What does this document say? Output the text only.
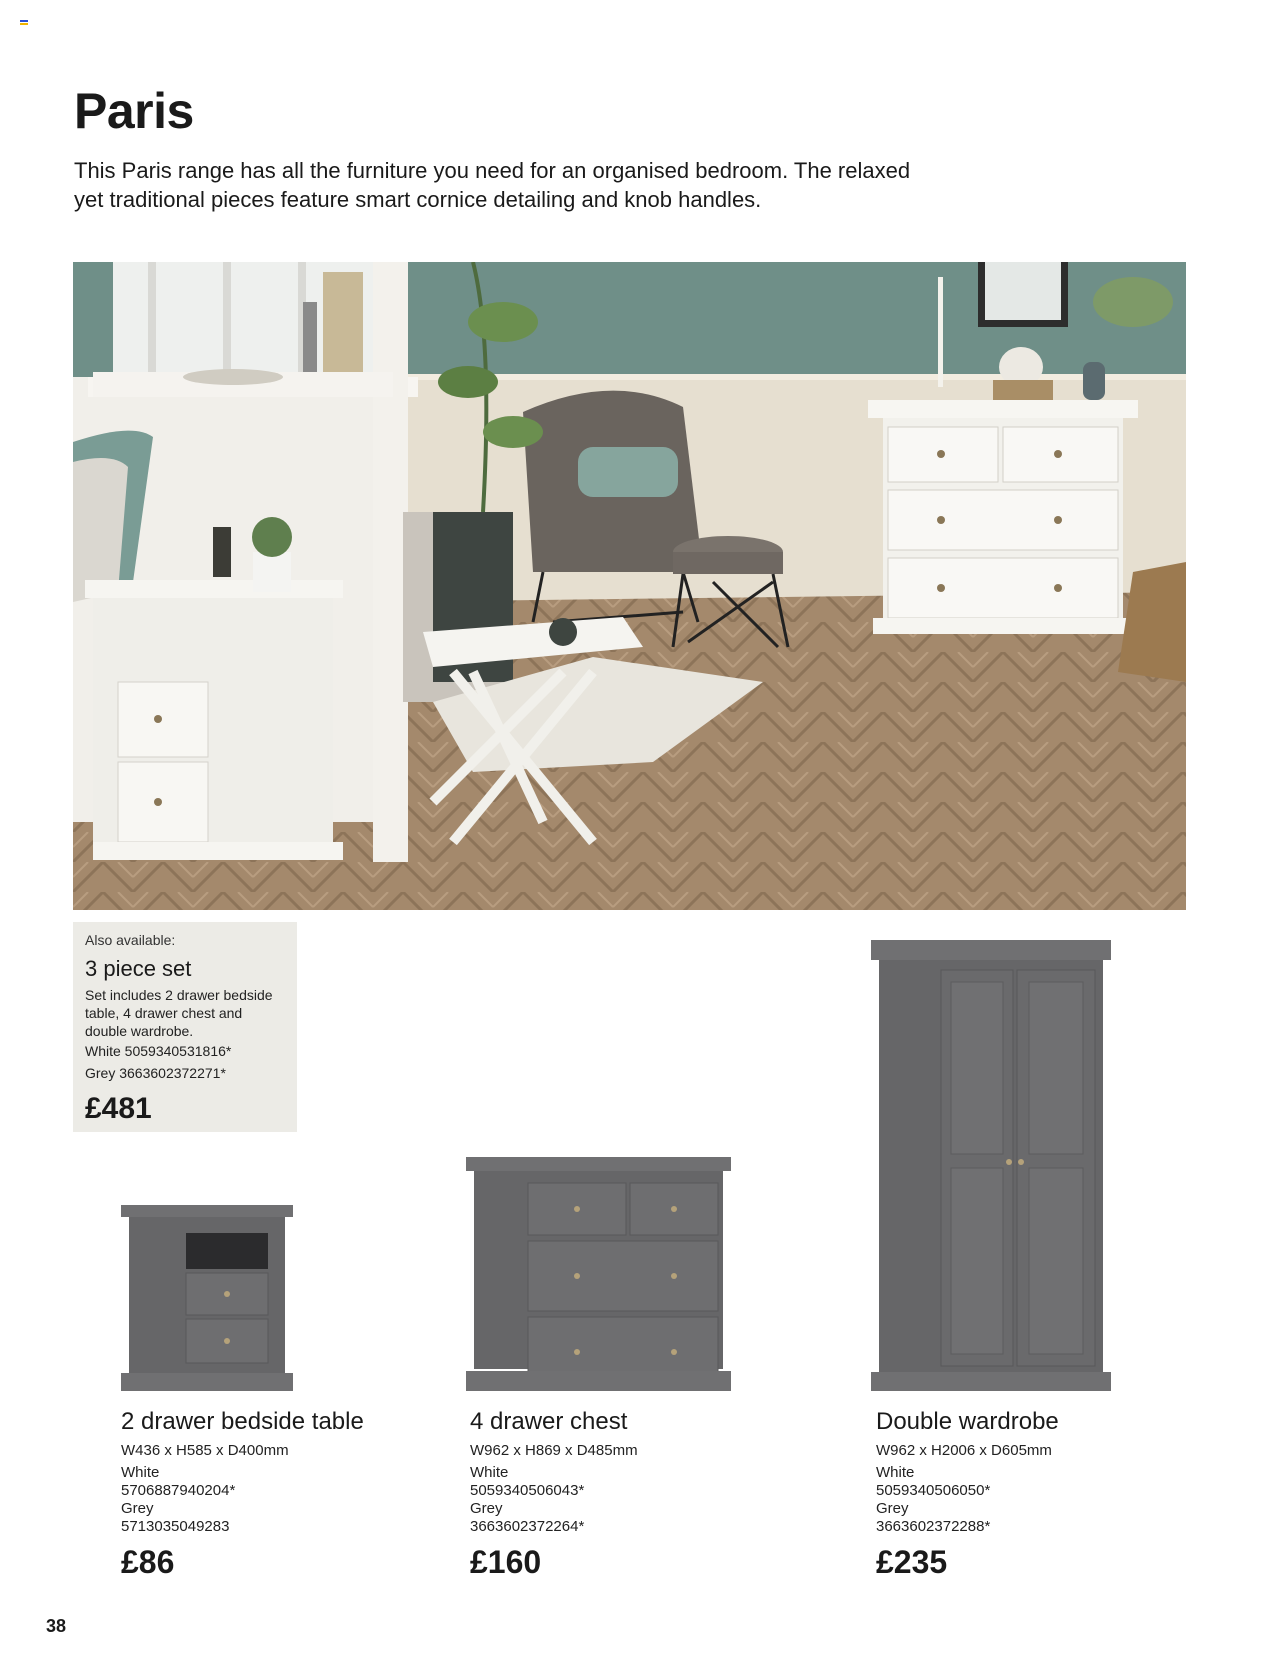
Paris

This Paris range has all the furniture you need for an organised bedroom. The relaxed yet traditional pieces feature smart cornice detailing and knob handles.

Also available:
3 piece set
Set includes 2 drawer bedside table, 4 drawer chest and double wardrobe.
White 5059340531816*
Grey 3663602372271*
£481
2 drawer bedside table
W436 x H585 x D400mm
White
5706887940204*
Grey
5713035049283
£86
4 drawer chest
W962 x H869 x D485mm
White
5059340506043*
Grey
3663602372264*
£160
Double wardrobe
W962 x H2006 x D605mm
White
5059340506050*
Grey
3663602372288*
£235
38
